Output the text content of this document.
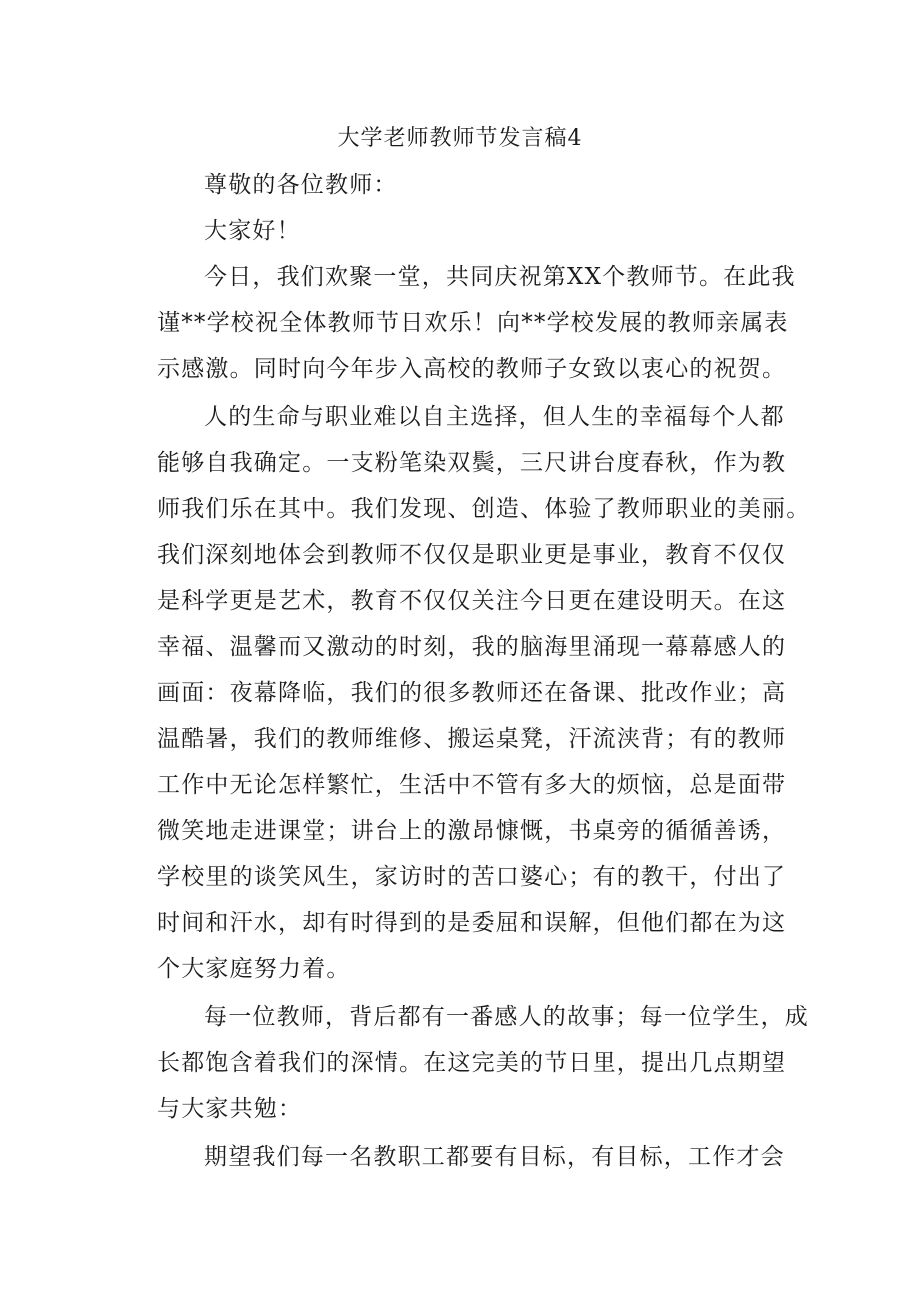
大学老师教师节发言稿4
尊敬的各位教师：
大家好！
今日，我们欢聚一堂，共同庆祝第XX个教师节。在此我
谨**学校祝全体教师节日欢乐！向**学校发展的教师亲属表
示感激。同时向今年步入高校的教师子女致以衷心的祝贺。
人的生命与职业难以自主选择，但人生的幸福每个人都
能够自我确定。一支粉笔染双鬓，三尺讲台度春秋，作为教
师我们乐在其中。我们发现、创造、体验了教师职业的美丽。
我们深刻地体会到教师不仅仅是职业更是事业，教育不仅仅
是科学更是艺术，教育不仅仅关注今日更在建设明天。在这
幸福、温馨而又激动的时刻，我的脑海里涌现一幕幕感人的
画面：夜幕降临，我们的很多教师还在备课、批改作业；高
温酷暑，我们的教师维修、搬运桌凳，汗流浃背；有的教师
工作中无论怎样繁忙，生活中不管有多大的烦恼，总是面带
微笑地走进课堂；讲台上的激昂慷慨，书桌旁的循循善诱，
学校里的谈笑风生，家访时的苦口婆心；有的教干，付出了
时间和汗水，却有时得到的是委屈和误解，但他们都在为这
个大家庭努力着。
每一位教师，背后都有一番感人的故事；每一位学生，成
长都饱含着我们的深情。在这完美的节日里，提出几点期望
与大家共勉：
期望我们每一名教职工都要有目标，有目标，工作才会
